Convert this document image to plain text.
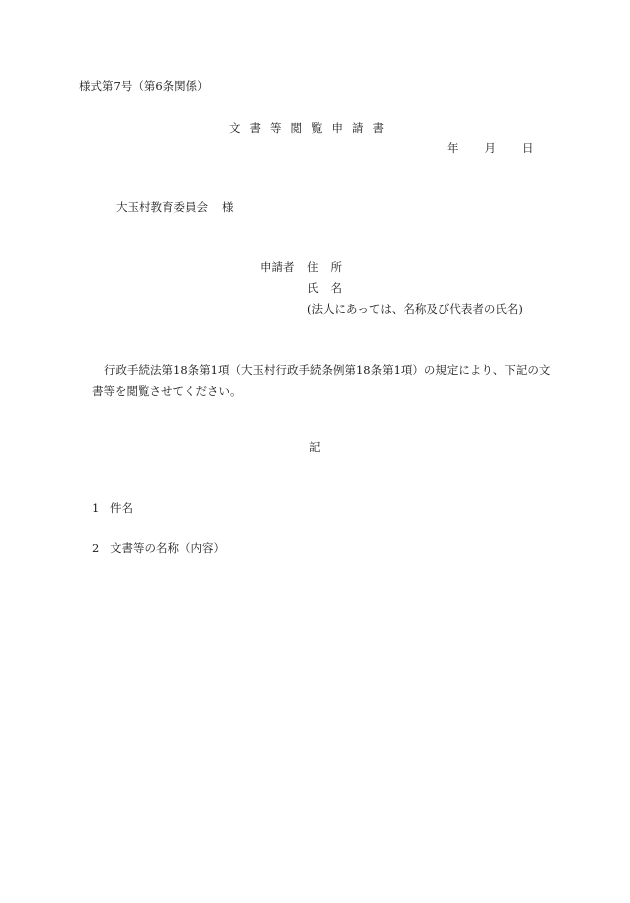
様式第7号（第6条関係）
文書等閲覧申請書
年 月 日
大玉村教育委員会 様
申請者 住 所
氏 名
(法人にあっては、名称及び代表者の氏名)
行政手続法第18条第1項（大玉村行政手続条例第18条第1項）の規定により、下記の文書等を閲覧させてください。
記
1 件名
2 文書等の名称（内容）
